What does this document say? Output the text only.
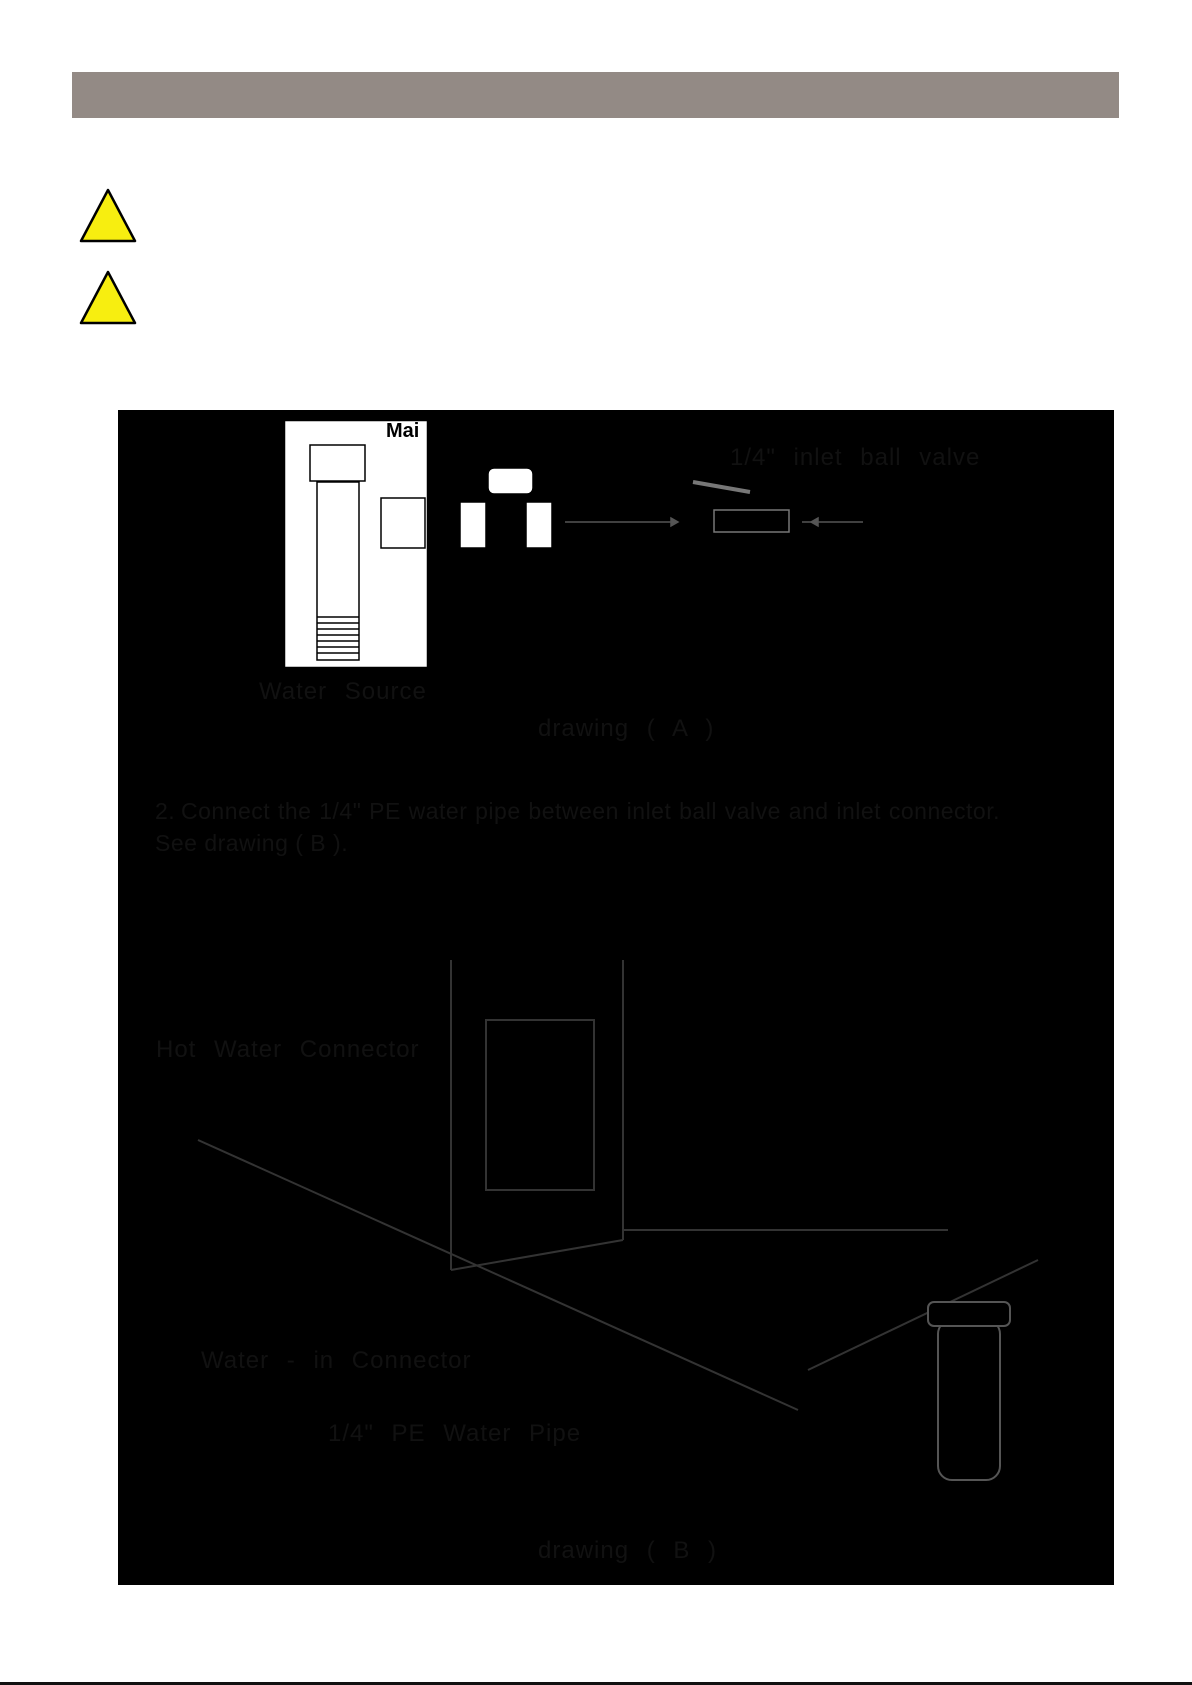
Mai
1/4" inlet ball valve
Water Source
drawing ( A )
Hot Water Connector
Water - in Connector
1/4" PE Water Pipe
drawing ( B )
2. Connect the 1/4" PE water pipe between inlet ball valve and inlet connector. See drawing ( B ).
